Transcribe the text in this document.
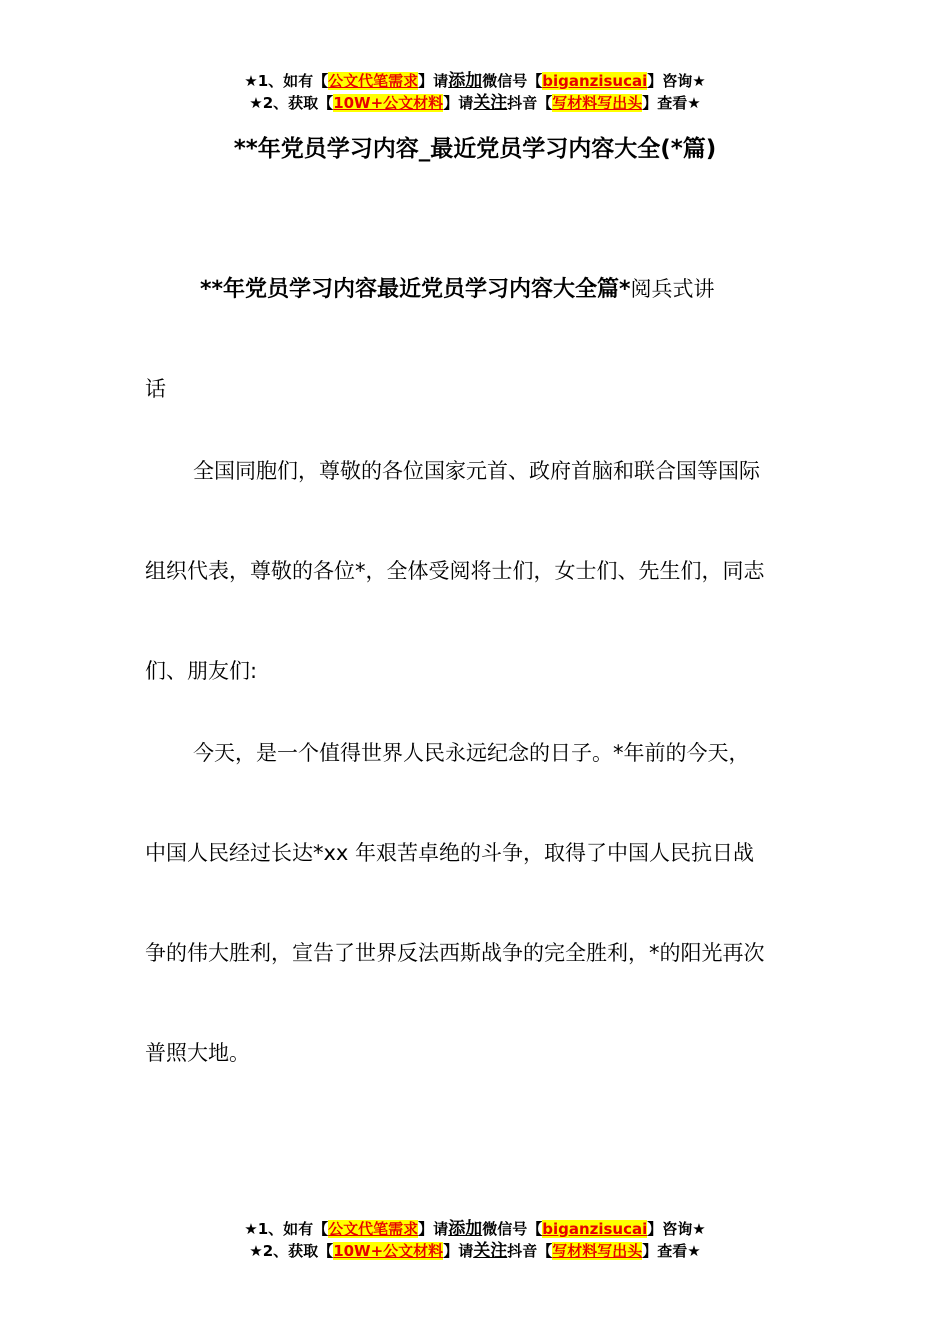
★1、如有【公文代笔需求】请添加微信号【biganzisucai】咨询★
★2、获取【10W+公文材料】请关注抖音【写材料写出头】查看★
**年党员学习内容_最近党员学习内容大全(*篇)
**年党员学习内容最近党员学习内容大全篇*阅兵式讲
话
全国同胞们，尊敬的各位国家元首、政府首脑和联合国等国际
组织代表，尊敬的各位*，全体受阅将士们，女士们、先生们，同志
们、朋友们:
今天，是一个值得世界人民永远纪念的日子。*年前的今天，
中国人民经过长达*xx 年艰苦卓绝的斗争，取得了中国人民抗日战
争的伟大胜利，宣告了世界反法西斯战争的完全胜利，*的阳光再次
普照大地。
★1、如有【公文代笔需求】请添加微信号【biganzisucai】咨询★
★2、获取【10W+公文材料】请关注抖音【写材料写出头】查看★
